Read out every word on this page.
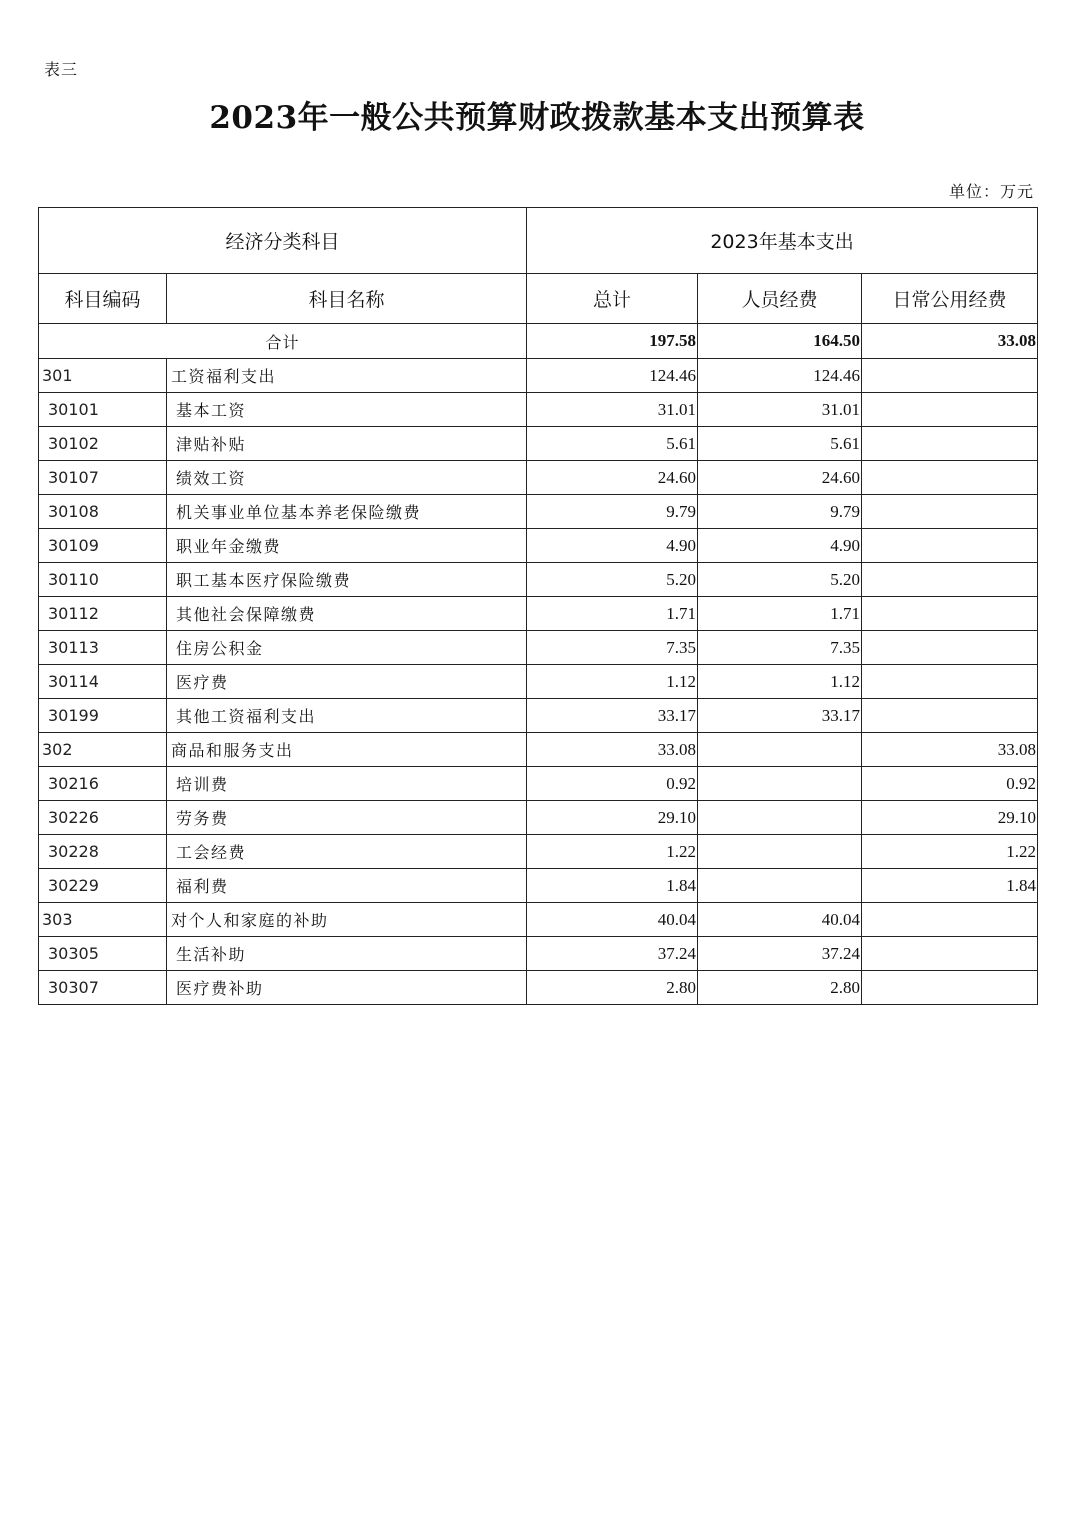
表三
2023年一般公共预算财政拨款基本支出预算表
单位：万元
经济分类科目		2023年基本支出		
科目编码	科目名称	总计	人员经费	日常公用经费
合计		197.58	164.50	33.08
301	工资福利支出	124.46	124.46	
30101	基本工资	31.01	31.01	
30102	津贴补贴	5.61	5.61	
30107	绩效工资	24.60	24.60	
30108	机关事业单位基本养老保险缴费	9.79	9.79	
30109	职业年金缴费	4.90	4.90	
30110	职工基本医疗保险缴费	5.20	5.20	
30112	其他社会保障缴费	1.71	1.71	
30113	住房公积金	7.35	7.35	
30114	医疗费	1.12	1.12	
30199	其他工资福利支出	33.17	33.17	
302	商品和服务支出	33.08		33.08
30216	培训费	0.92		0.92
30226	劳务费	29.10		29.10
30228	工会经费	1.22		1.22
30229	福利费	1.84		1.84
303	对个人和家庭的补助	40.04	40.04	
30305	生活补助	37.24	37.24	
30307	医疗费补助	2.80	2.80	
